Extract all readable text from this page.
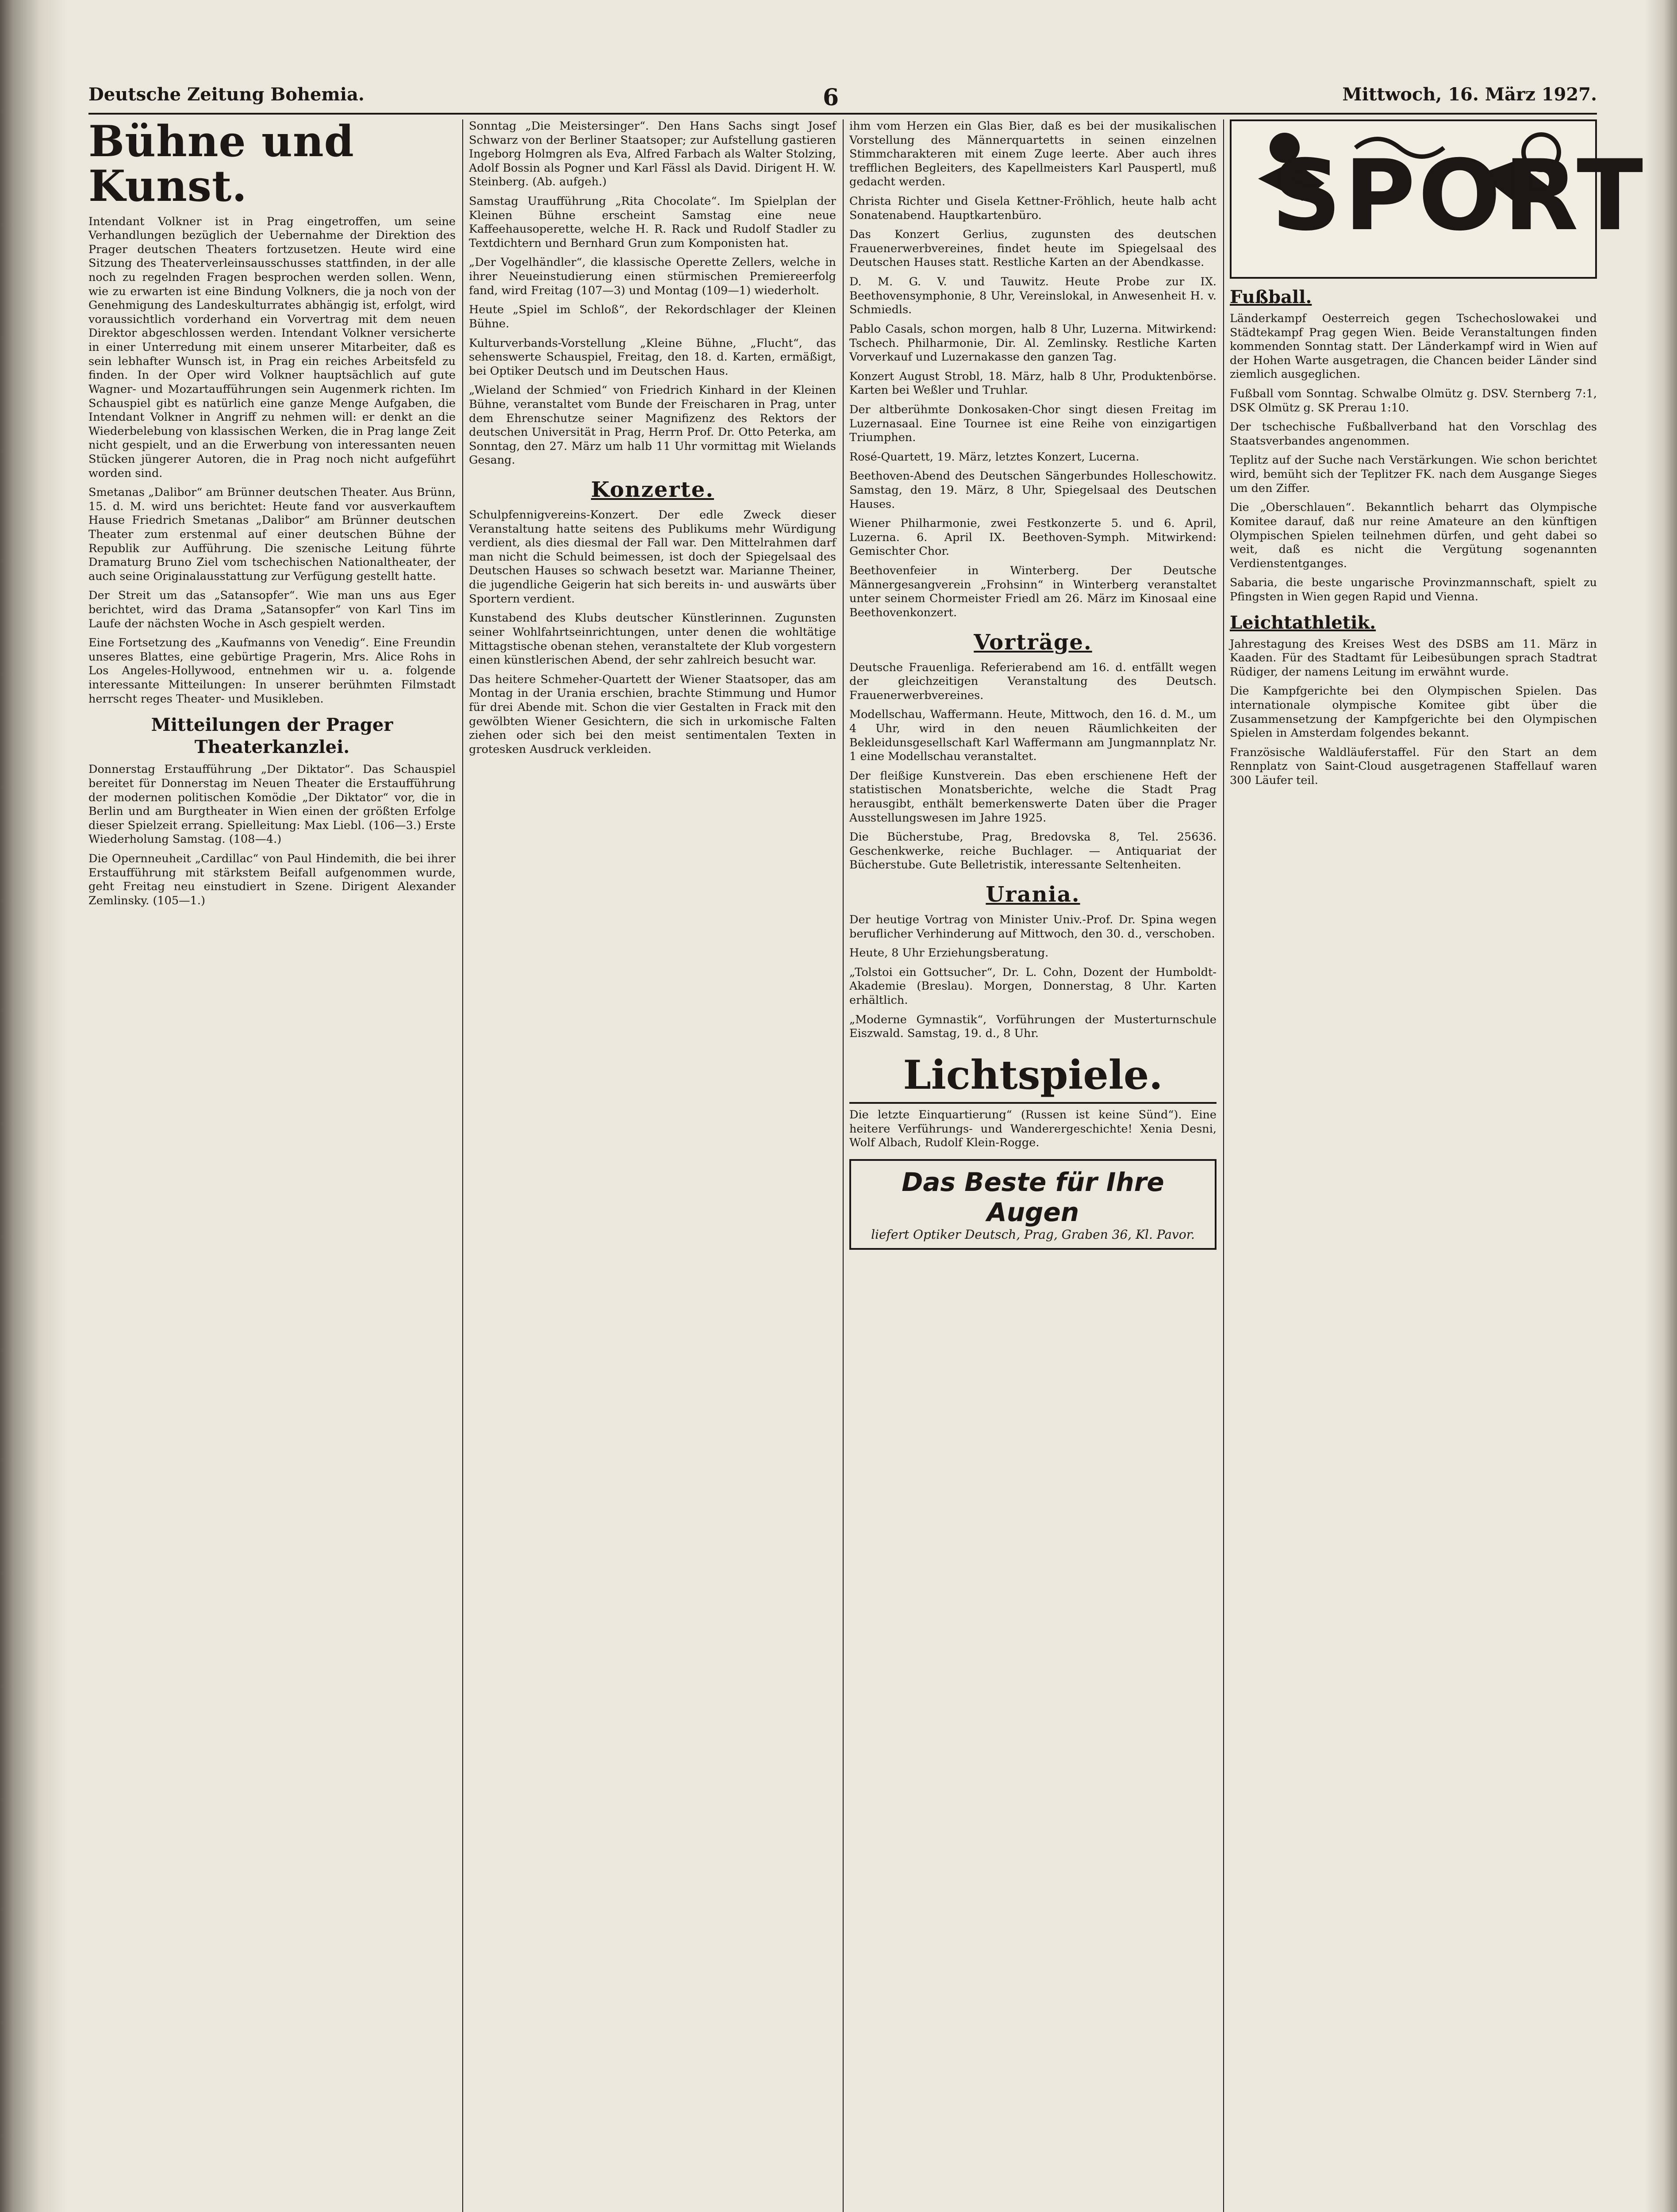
Deutsche Zeitung Bohemia.	6	Mittwoch, 16. März 1927.
Bühne und Kunst.

Intendant Volkner ist in Prag eingetroffen, um seine Verhandlungen bezüglich der Uebernahme der Direktion des Prager deutschen Theaters fortzusetzen. Heute wird eine Sitzung des Theaterverleinsausschusses stattfinden, in der alle noch zu regelnden Fragen besprochen werden sollen. Wenn, wie zu erwarten ist eine Bindung Volkners, die ja noch von der Genehmigung des Landeskulturrates abhängig ist, erfolgt, wird voraussichtlich vorderhand ein Vorvertrag mit dem neuen Direktor abgeschlossen werden. Intendant Volkner versicherte in einer Unterredung mit einem unserer Mitarbeiter, daß es sein lebhafter Wunsch ist, in Prag ein reiches Arbeitsfeld zu finden. In der Oper wird Volkner hauptsächlich auf gute Wagner- und Mozartaufführungen sein Augenmerk richten. Im Schauspiel gibt es natürlich eine ganze Menge Aufgaben, die Intendant Volkner in Angriff zu nehmen will: er denkt an die Wiederbelebung von klassischen Werken, die in Prag lange Zeit nicht gespielt, und an die Erwerbung von interessanten neuen Stücken jüngerer Autoren, die in Prag noch nicht aufgeführt worden sind.

Smetanas „Dalibor“ am Brünner deutschen Theater. Aus Brünn, 15. d. M. wird uns berichtet: Heute fand vor ausverkauftem Hause Friedrich Smetanas „Dalibor“ am Brünner deutschen Theater zum erstenmal auf einer deutschen Bühne der Republik zur Aufführung. Die szenische Leitung führte Dramaturg Bruno Ziel vom tschechischen Nationaltheater, der auch seine Originalausstattung zur Verfügung gestellt hatte.

Der Streit um das „Satansopfer“. Wie man uns aus Eger berichtet, wird das Drama „Satansopfer“ von Karl Tins im Laufe der nächsten Woche in Asch gespielt werden.

Eine Fortsetzung des „Kaufmanns von Venedig“. Eine Freundin unseres Blattes, eine gebürtige Pragerin, Mrs. Alice Rohs in Los Angeles-Hollywood, entnehmen wir u. a. folgende interessante Mitteilungen: In unserer berühmten Filmstadt herrscht reges Theater- und Musikleben.

Mitteilungen der Prager Theaterkanzlei.

Donnerstag Erstaufführung „Der Diktator“. Das Schauspiel bereitet für Donnerstag im Neuen Theater die Erstaufführung der modernen politischen Komödie „Der Diktator“ vor, die in Berlin und am Burgtheater in Wien einen der größten Erfolge dieser Spielzeit errang. Spielleitung: Max Liebl. (106—3.) Erste Wiederholung Samstag. (108—4.)

Die Opernneuheit „Cardillac“ von Paul Hindemith, die bei ihrer Erstaufführung mit stärkstem Beifall aufgenommen wurde, geht Freitag neu einstudiert in Szene. Dirigent Alexander Zemlinsky. (105—1.)

Sonntag „Die Meistersinger“. Den Hans Sachs singt Josef Schwarz von der Berliner Staatsoper; zur Aufstellung gastieren Ingeborg Holmgren als Eva, Alfred Farbach als Walter Stolzing, Adolf Bossin als Pogner und Karl Fässl als David. Dirigent H. W. Steinberg. (Ab. aufgeh.)

Samstag Uraufführung „Rita Chocolate“. Im Spielplan der Kleinen Bühne erscheint Samstag eine neue Kaffeehausoperette, welche H. R. Rack und Rudolf Stadler zu Textdichtern und Bernhard Grun zum Komponisten hat.

„Der Vogelhändler“, die klassische Operette Zellers, welche in ihrer Neueinstudierung einen stürmischen Premiereerfolg fand, wird Freitag (107—3) und Montag (109—1) wiederholt.

Heute „Spiel im Schloß“, der Rekordschlager der Kleinen Bühne.

Kulturverbands-Vorstellung „Kleine Bühne, „Flucht“, das sehenswerte Schauspiel, Freitag, den 18. d. Karten, ermäßigt, bei Optiker Deutsch und im Deutschen Haus.

„Wieland der Schmied“ von Friedrich Kinhard in der Kleinen Bühne, veranstaltet vom Bunde der Freischaren in Prag, unter dem Ehrenschutze seiner Magnifizenz des Rektors der deutschen Universität in Prag, Herrn Prof. Dr. Otto Peterka, am Sonntag, den 27. März um halb 11 Uhr vormittag mit Wielands Gesang.

Konzerte.

Schulpfennigvereins-Konzert. Der edle Zweck dieser Veranstaltung hatte seitens des Publikums mehr Würdigung verdient, als dies diesmal der Fall war. Den Mittelrahmen darf man nicht die Schuld beimessen, ist doch der Spiegelsaal des Deutschen Hauses so schwach besetzt war. Marianne Theiner, die jugendliche Geigerin hat sich bereits in- und auswärts über Sportern verdient.

Kunstabend des Klubs deutscher Künstlerinnen. Zugunsten seiner Wohlfahrtseinrichtungen, unter denen die wohltätige Mittagstische obenan stehen, veranstaltete der Klub vorgestern einen künstlerischen Abend, der sehr zahlreich besucht war.

Das heitere Schmeher-Quartett der Wiener Staatsoper, das am Montag in der Urania erschien, brachte Stimmung und Humor für drei Abende mit. Schon die vier Gestalten in Frack mit den gewölbten Wiener Gesichtern, die sich in urkomische Falten ziehen oder sich bei den meist sentimentalen Texten in grotesken Ausdruck verkleiden.

ihm vom Herzen ein Glas Bier, daß es bei der musikalischen Vorstellung des Männerquartetts in seinen einzelnen Stimmcharakteren mit einem Zuge leerte. Aber auch ihres trefflichen Begleiters, des Kapellmeisters Karl Pauspertl, muß gedacht werden.

Christa Richter und Gisela Kettner-Fröhlich, heute halb acht Sonatenabend. Hauptkartenbüro.

Das Konzert Gerlius, zugunsten des deutschen Frauenerwerbvereines, findet heute im Spiegelsaal des Deutschen Hauses statt. Restliche Karten an der Abendkasse.

D. M. G. V. und Tauwitz. Heute Probe zur IX. Beethovensymphonie, 8 Uhr, Vereinslokal, in Anwesenheit H. v. Schmiedls.

Pablo Casals, schon morgen, halb 8 Uhr, Luzerna. Mitwirkend: Tschech. Philharmonie, Dir. Al. Zemlinsky. Restliche Karten Vorverkauf und Luzernakasse den ganzen Tag.

Konzert August Strobl, 18. März, halb 8 Uhr, Produktenbörse. Karten bei Weßler und Truhlar.

Der altberühmte Donkosaken-Chor singt diesen Freitag im Luzernasaal. Eine Tournee ist eine Reihe von einzigartigen Triumphen.

Rosé-Quartett, 19. März, letztes Konzert, Lucerna.

Beethoven-Abend des Deutschen Sängerbundes Holleschowitz. Samstag, den 19. März, 8 Uhr, Spiegelsaal des Deutschen Hauses.

Wiener Philharmonie, zwei Festkonzerte 5. und 6. April, Luzerna. 6. April IX. Beethoven-Symph. Mitwirkend: Gemischter Chor.

Beethovenfeier in Winterberg. Der Deutsche Männergesangverein „Frohsinn“ in Winterberg veranstaltet unter seinem Chormeister Friedl am 26. März im Kinosaal eine Beethovenkonzert.

Vorträge.

Deutsche Frauenliga. Referierabend am 16. d. entfällt wegen der gleichzeitigen Veranstaltung des Deutsch. Frauenerwerbvereines.

Modellschau, Waffermann. Heute, Mittwoch, den 16. d. M., um 4 Uhr, wird in den neuen Räumlichkeiten der Bekleidunsgesellschaft Karl Waffermann am Jungmannplatz Nr. 1 eine Modellschau veranstaltet.

Der fleißige Kunstverein. Das eben erschienene Heft der statistischen Monatsberichte, welche die Stadt Prag herausgibt, enthält bemerkenswerte Daten über die Prager Ausstellungswesen im Jahre 1925.

Die Bücherstube, Prag, Bredovska 8, Tel. 25636. Geschenkwerke, reiche Buchlager. — Antiquariat der Bücherstube. Gute Belletristik, interessante Seltenheiten.

Urania.

Der heutige Vortrag von Minister Univ.-Prof. Dr. Spina wegen beruflicher Verhinderung auf Mittwoch, den 30. d., verschoben.

Heute, 8 Uhr Erziehungsberatung.

„Tolstoi ein Gottsucher“, Dr. L. Cohn, Dozent der Humboldt-Akademie (Breslau). Morgen, Donnerstag, 8 Uhr. Karten erhältlich.

„Moderne Gymnastik“, Vorführungen der Musterturnschule Eiszwald. Samstag, 19. d., 8 Uhr.

Lichtspiele.

Die letzte Einquartierung“ (Russen ist keine Sünd“). Eine heitere Verführungs- und Wanderergeschichte! Xenia Desni, Wolf Albach, Rudolf Klein-Rogge.

Das Beste für Ihre Augen
liefert Optiker Deutsch, Prag, Graben 36, Kl. Pavor.
SPORT
Fußball.

Länderkampf Oesterreich gegen Tschechoslowakei und Städtekampf Prag gegen Wien. Beide Veranstaltungen finden kommenden Sonntag statt. Der Länderkampf wird in Wien auf der Hohen Warte ausgetragen, die Chancen beider Länder sind ziemlich ausgeglichen.

Fußball vom Sonntag. Schwalbe Olmütz g. DSV. Sternberg 7:1, DSK Olmütz g. SK Prerau 1:10.

Der tschechische Fußballverband hat den Vorschlag des Staatsverbandes angenommen.

Teplitz auf der Suche nach Verstärkungen. Wie schon berichtet wird, bemüht sich der Teplitzer FK. nach dem Ausgange Sieges um den Ziffer.

Die „Oberschlauen“. Bekanntlich beharrt das Olympische Komitee darauf, daß nur reine Amateure an den künftigen Olympischen Spielen teilnehmen dürfen, und geht dabei so weit, daß es nicht die Vergütung sogenannten Verdienstentganges.

Sabaria, die beste ungarische Provinzmannschaft, spielt zu Pfingsten in Wien gegen Rapid und Vienna.

Leichtathletik.

Jahrestagung des Kreises West des DSBS am 11. März in Kaaden. Für des Stadtamt für Leibesübungen sprach Stadtrat Rüdiger, der namens Leitung im erwähnt wurde.

Die Kampfgerichte bei den Olympischen Spielen. Das internationale olympische Komitee gibt über die Zusammensetzung der Kampfgerichte bei den Olympischen Spielen in Amsterdam folgendes bekannt.

Französische Waldläuferstaffel. Für den Start an dem Rennplatz von Saint-Cloud ausgetragenen Staffellauf waren 300 Läufer teil.
